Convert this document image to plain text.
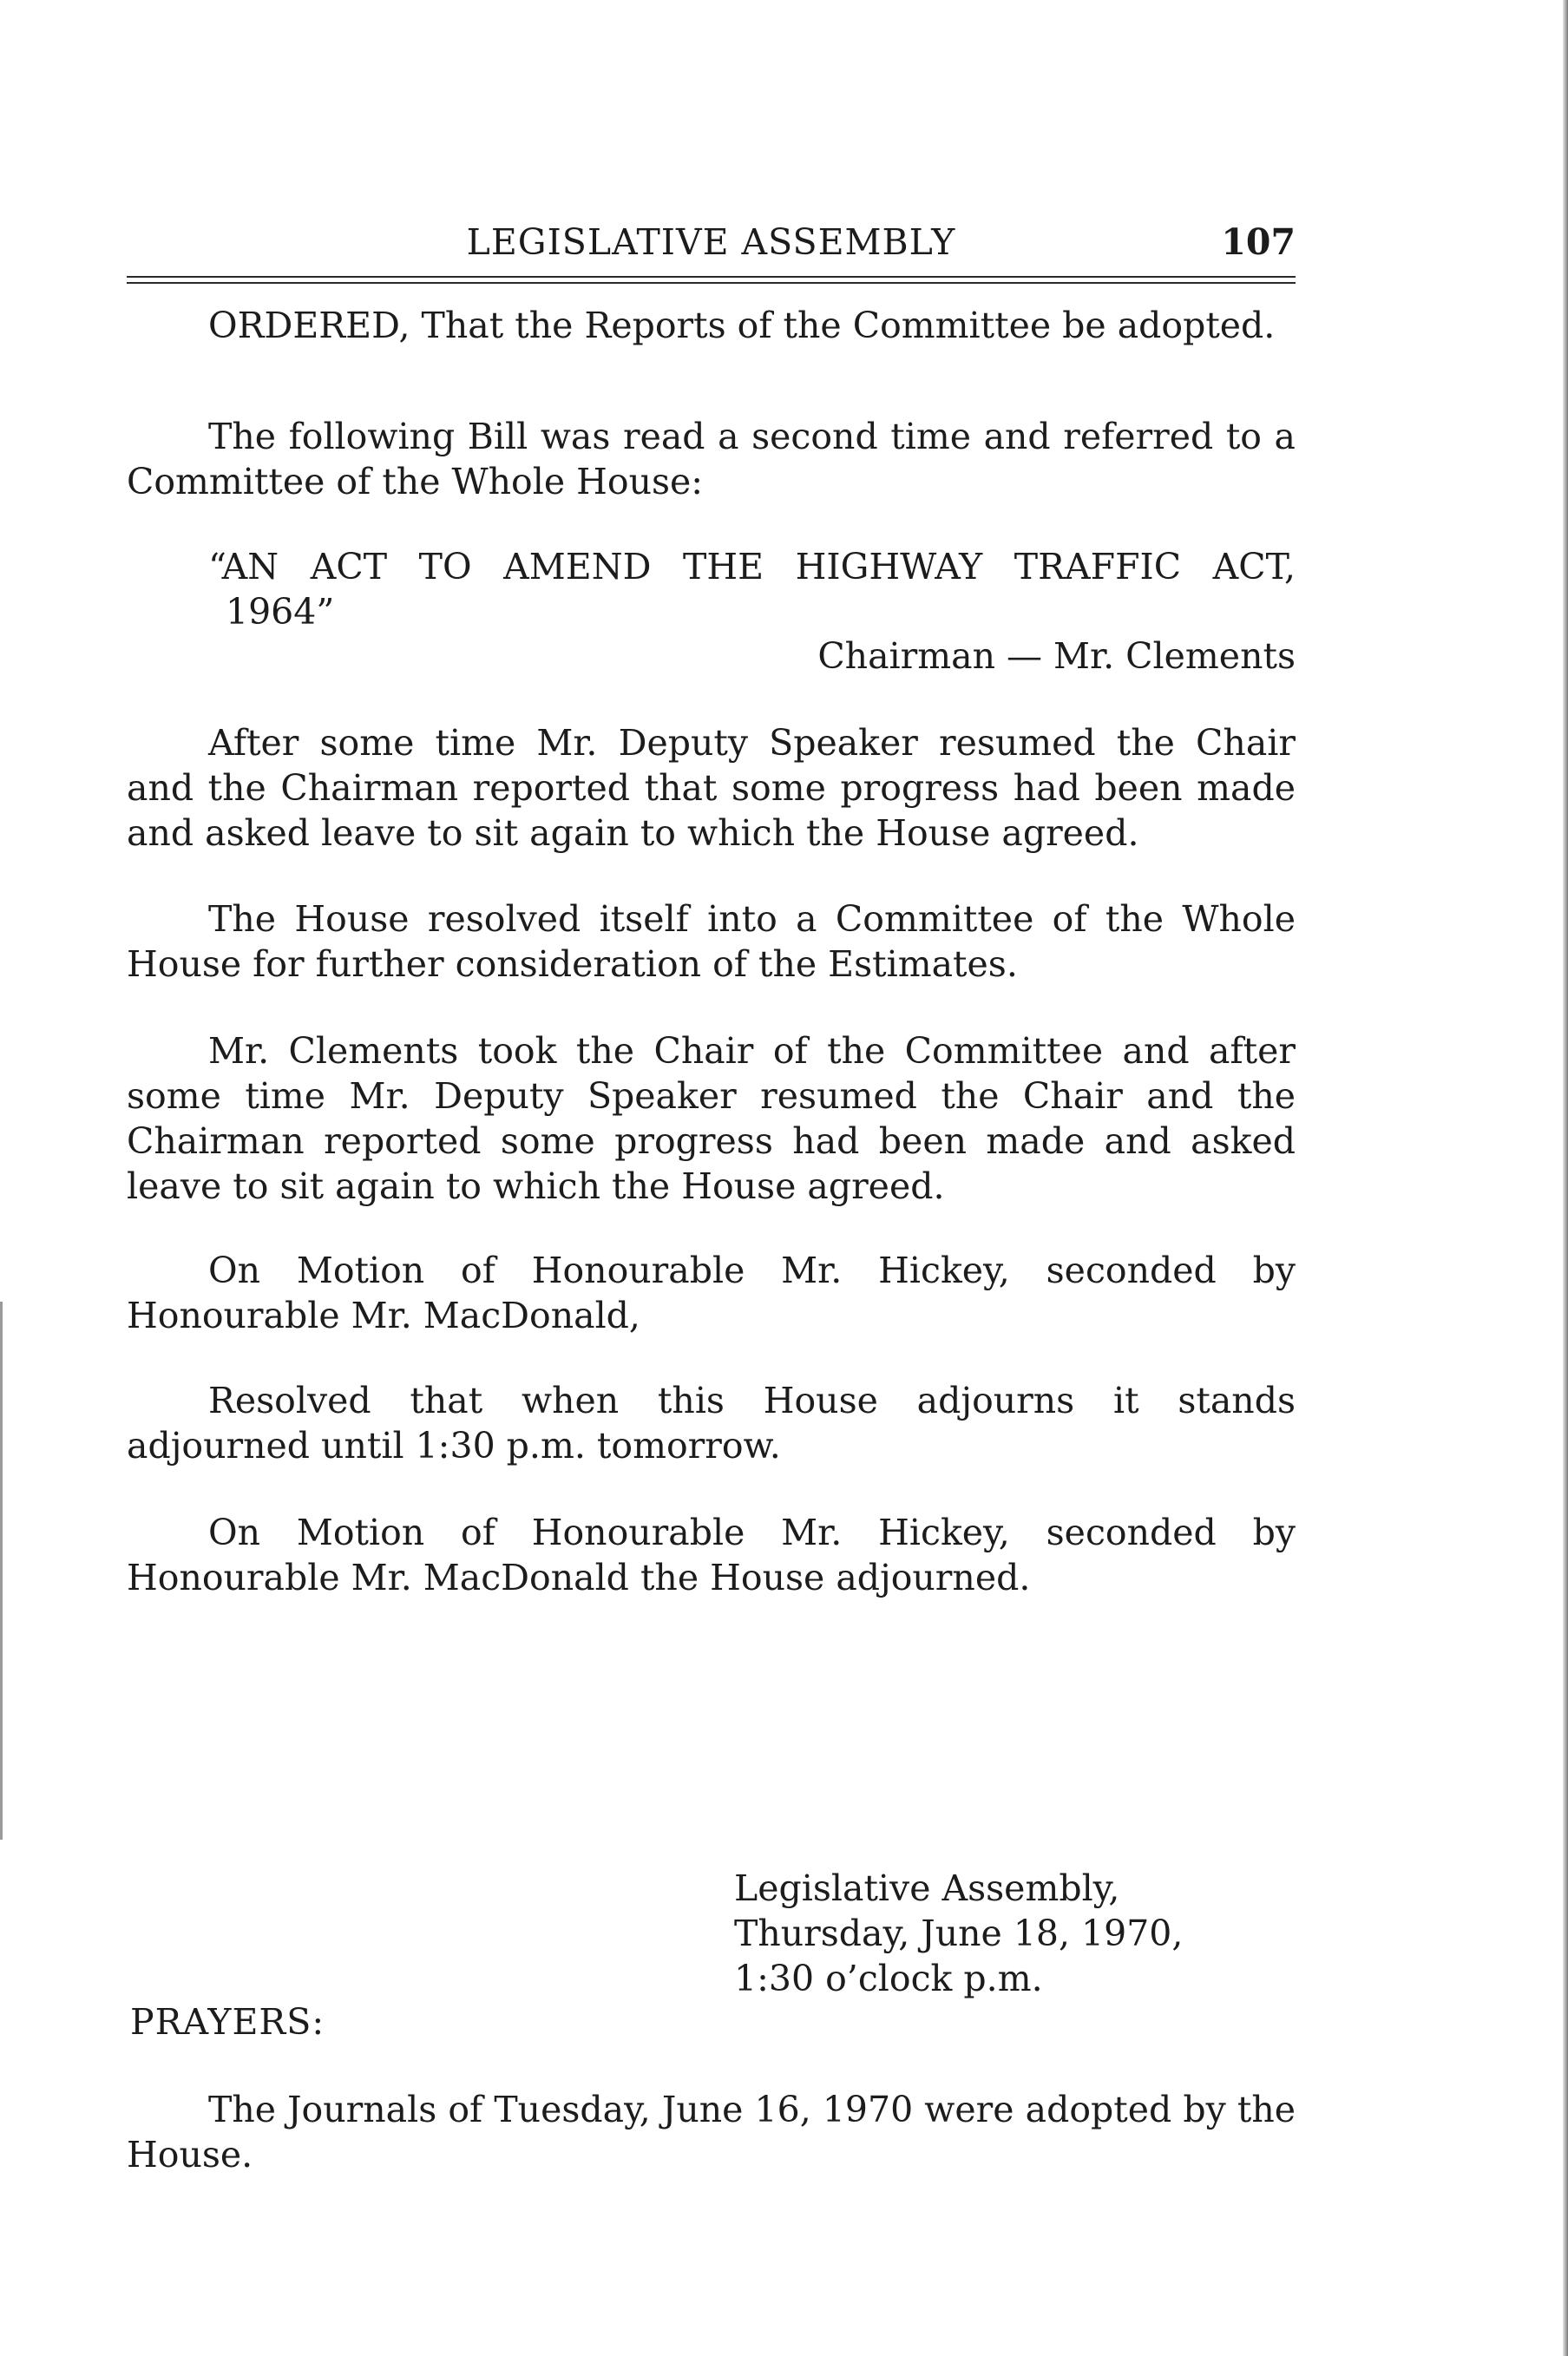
LEGISLATIVE ASSEMBLY	107

ORDERED, That the Reports of the Committee be adopted.

The following Bill was read a second time and referred to a Committee of the Whole House:

“AN ACT TO AMEND THE HIGHWAY TRAFFIC ACT,
1964”
Chairman — Mr. Clements

After some time Mr. Deputy Speaker resumed the Chair and the Chairman reported that some progress had been made and asked leave to sit again to which the House agreed.

The House resolved itself into a Committee of the Whole House for further consideration of the Estimates.

Mr. Clements took the Chair of the Committee and after some time Mr. Deputy Speaker resumed the Chair and the Chairman reported some progress had been made and asked leave to sit again to which the House agreed.

On Motion of Honourable Mr. Hickey, seconded by Honourable Mr. MacDonald,

Resolved that when this House adjourns it stands adjourned until 1:30 p.m. tomorrow.

On Motion of Honourable Mr. Hickey, seconded by Honourable Mr. MacDonald the House adjourned.

Legislative Assembly,
Thursday, June 18, 1970,
1:30 o’clock p.m.
PRAYERS:

The Journals of Tuesday, June 16, 1970 were adopted by the House.
